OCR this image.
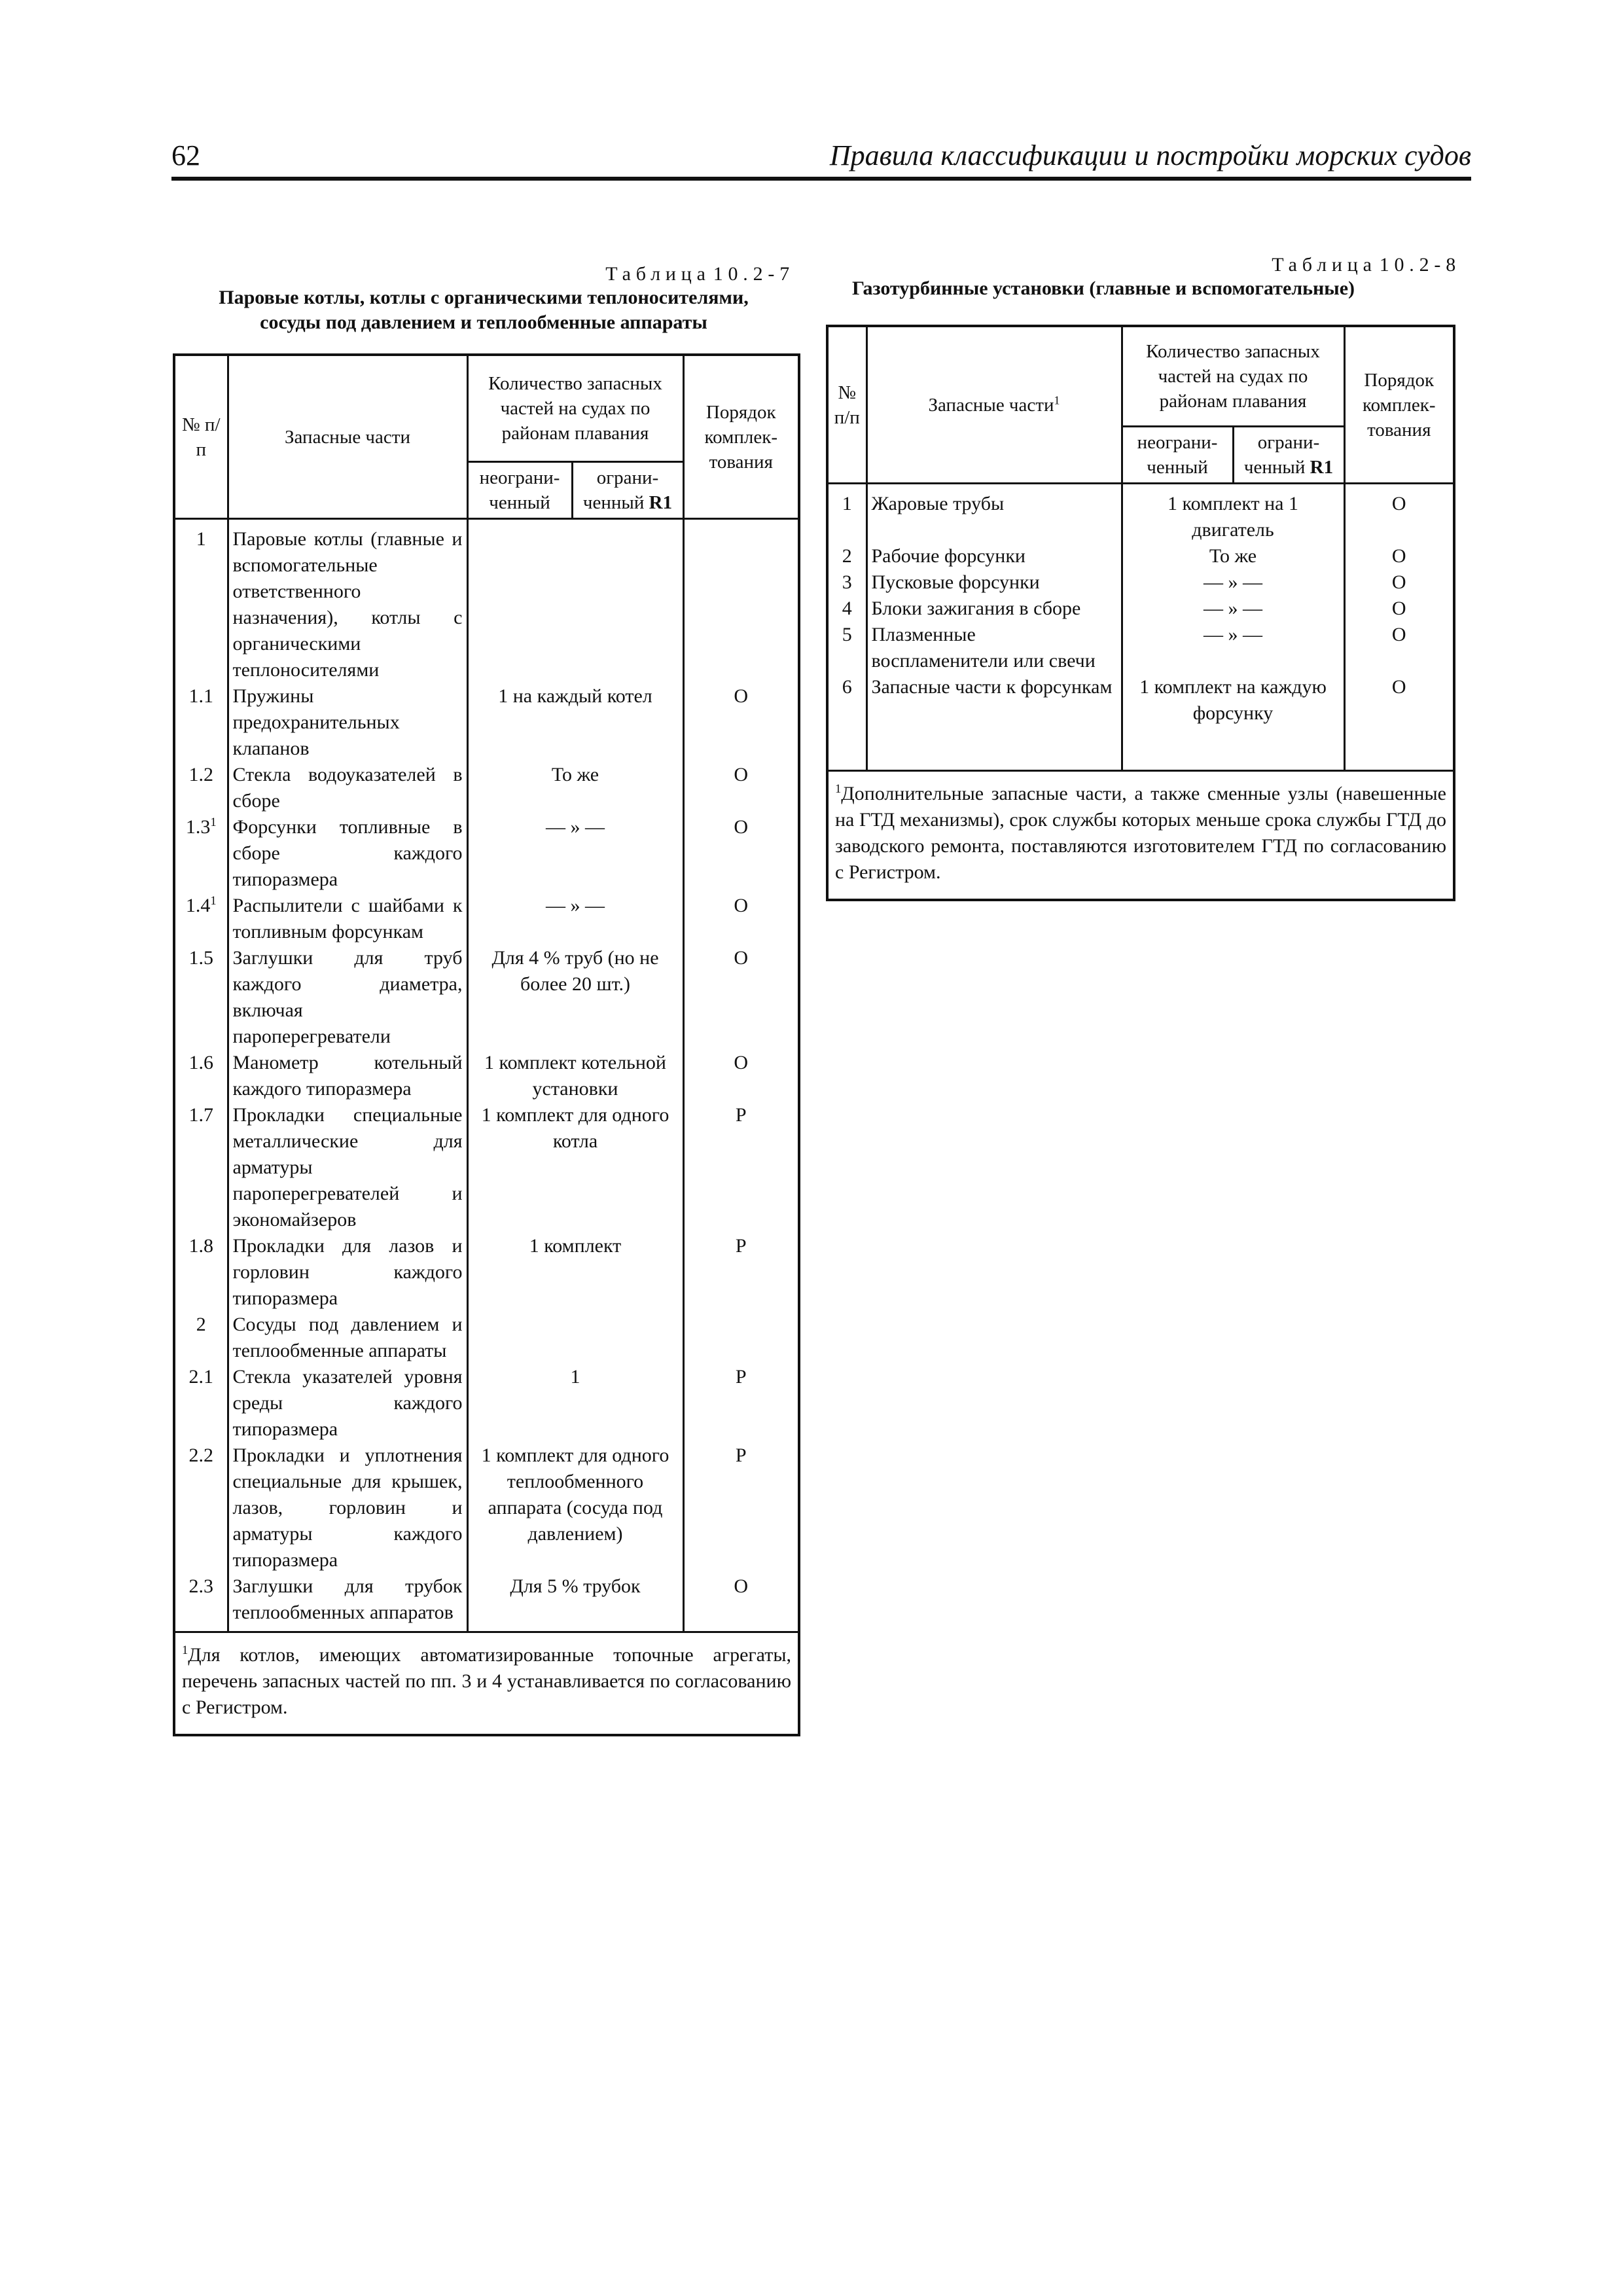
62	Правила классификации и постройки морских судов
Таблица 10.2-7
Паровые котлы, котлы с органическими теплоносителями,
сосуды под давлением и теплообменные аппараты
№ п/п	Запасные части	Количество запасных частей на судах по районам плавания		Порядок комплек-тования
		неограни-ченный	ограни-ченный R1	
1	Паровые котлы (главные и вспомогательные ответственного назначения), котлы с органическими теплоносителями			
1.1	Пружины предохранительных клапанов	1 на каждый котел		О
1.2	Стекла водоуказателей в сборе	То же		О
$1.3^1$	Форсунки топливные в сборе каждого типоразмера	— » —		О
$1.4^1$	Распылители с шайбами к топливным форсункам	— » —		О
1.5	Заглушки для труб каждого диаметра, включая пароперегреватели	Для 4 % труб (но не более 20 шт.)		О
1.6	Манометр котельный каждого типоразмера	1 комплект котельной установки		О
1.7	Прокладки специальные металлические для арматуры пароперегревателей и экономайзеров	1 комплект для одного котла		Р
1.8	Прокладки для лазов и горловин каждого типоразмера	1 комплект		Р
2	Сосуды под давлением и теплообменные аппараты			
2.1	Стекла указателей уровня среды каждого типоразмера	1		Р
2.2	Прокладки и уплотнения специальные для крышек, лазов, горловин и арматуры каждого типоразмера	1 комплект для одного теплообменного аппарата (сосуда под давлением)		Р
2.3	Заглушки для трубок теплообменных аппаратов	Для 5 % трубок		О
$^1$Для котлов, имеющих автоматизированные топочные агрегаты, перечень запасных частей по пп. 3 и 4 устанавливается по согласованию с Регистром.				
Таблица 10.2-8
Газотурбинные установки (главные и вспомогательные)
№ п/п	Запасные части$^1$	Количество запасных частей на судах по районам плавания		Порядок комплек-тования
		неограни-ченный	ограни-ченный R1	
1	Жаровые трубы	1 комплект на 1 двигатель		О
2	Рабочие форсунки	То же		О
3	Пусковые форсунки	— » —		О
4	Блоки зажигания в сборе	— » —		О
5	Плазменные воспламенители или свечи	— » —		О
6	Запасные части к форсункам	1 комплект на каждую форсунку		О
$^1$Дополнительные запасные части, а также сменные узлы (навешенные на ГТД механизмы), срок службы которых меньше срока службы ГТД до заводского ремонта, поставляются изготовителем ГТД по согласованию с Регистром.				
